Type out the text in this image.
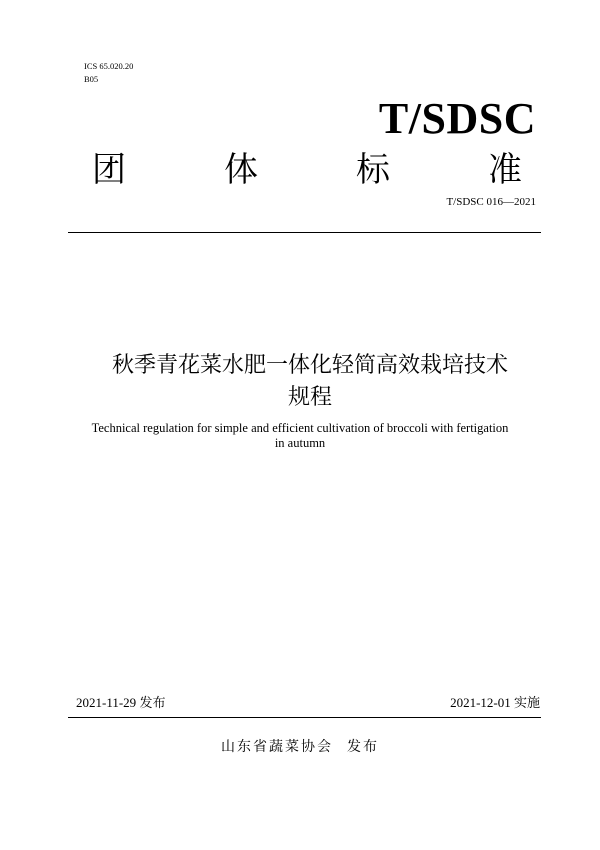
ICS 65.020.20
B05
T/SDSC
团	体	标	准
T/SDSC 016—2021
秋季青花菜水肥一体化轻简高效栽培技术
规程
Technical regulation for simple and efficient cultivation of broccoli with fertigation
in autumn
2021-11-29 发布	2021-12-01 实施
山东省蔬菜协会 发布
